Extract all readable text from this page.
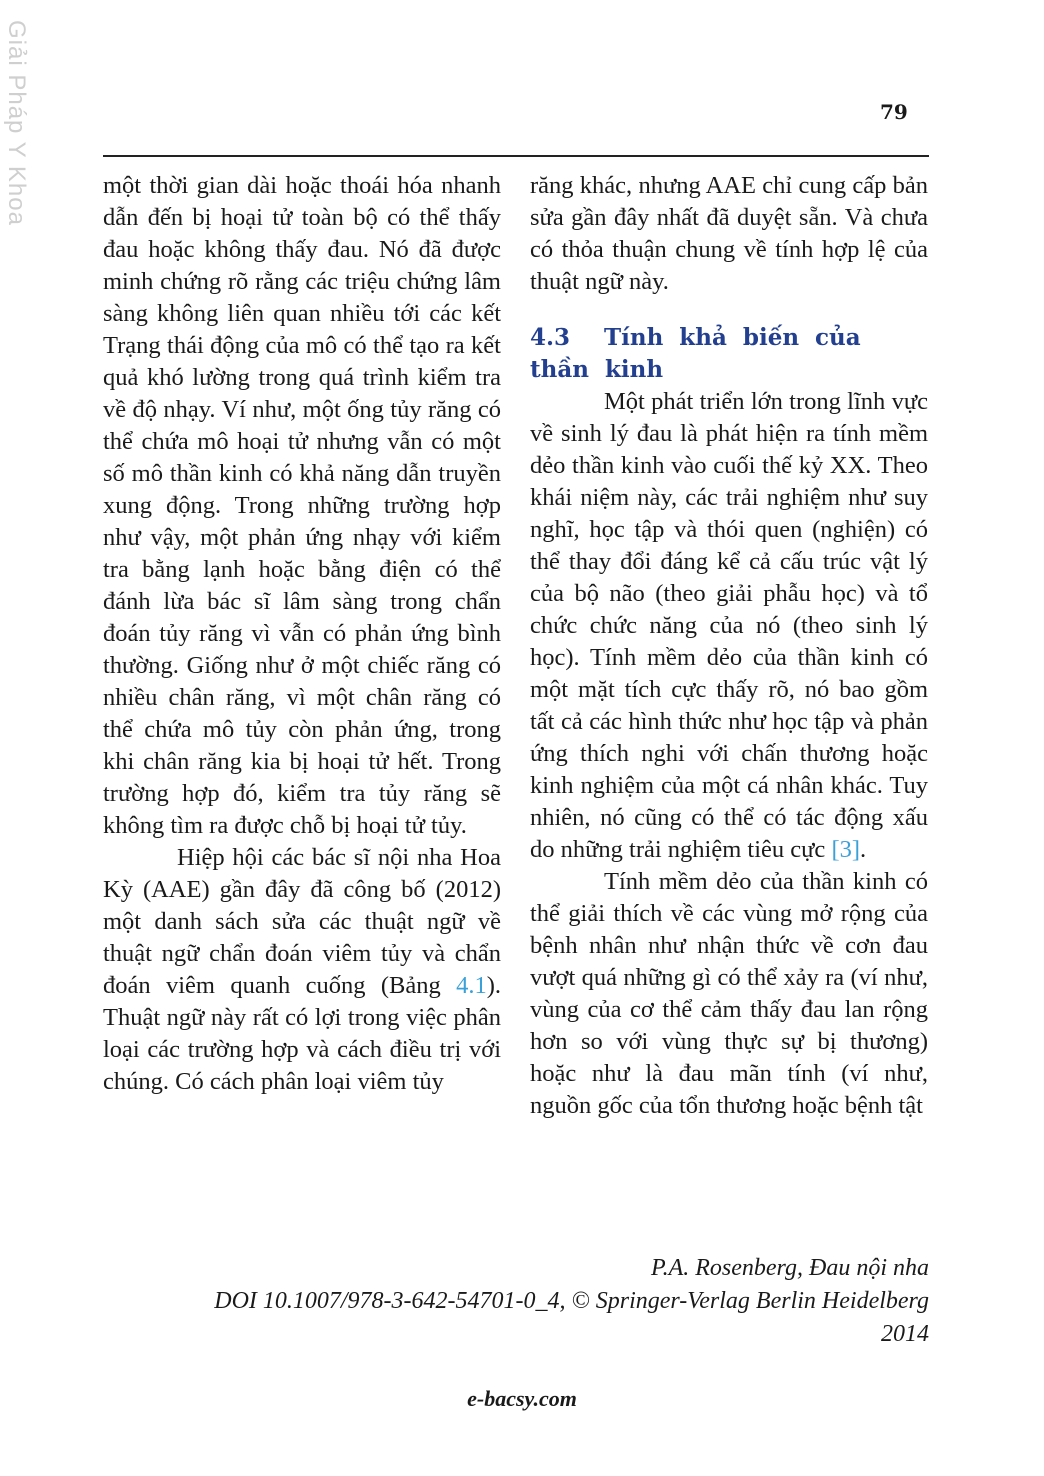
Giải Pháp Y Khoa	79

một thời gian dài hoặc thoái hóa nhanh dẫn đến bị hoại tử toàn bộ có thể thấy đau hoặc không thấy đau. Nó đã được minh chứng rõ rằng các triệu chứng lâm sàng không liên quan nhiều tới các kết Trạng thái động của mô có thể tạo ra kết quả khó lường trong quá trình kiểm tra về độ nhạy. Ví như, một ống tủy răng có thể chứa mô hoại tử nhưng vẫn có một số mô thần kinh có khả năng dẫn truyền xung động. Trong những trường hợp như vậy, một phản ứng nhạy với kiểm tra bằng lạnh hoặc bằng điện có thể đánh lừa bác sĩ lâm sàng trong chẩn đoán tủy răng vì vẫn có phản ứng bình thường. Giống như ở một chiếc răng có nhiều chân răng, vì một chân răng có thể chứa mô tủy còn phản ứng, trong khi chân răng kia bị hoại tử hết. Trong trường hợp đó, kiểm tra tủy răng sẽ không tìm ra được chỗ bị hoại tử tủy.

Hiệp hội các bác sĩ nội nha Hoa Kỳ (AAE) gần đây đã công bố (2012) một danh sách sửa các thuật ngữ về thuật ngữ chẩn đoán viêm tủy và chẩn đoán viêm quanh cuống (Bảng 4.1). Thuật ngữ này rất có lợi trong việc phân loại các trường hợp và cách điều trị với chúng. Có cách phân loại viêm tủy

răng khác, nhưng AAE chỉ cung cấp bản sửa gần đây nhất đã duyệt sẵn. Và chưa có thỏa thuận chung về tính hợp lệ của thuật ngữ này.

4.3 Tính khả biến của thần kinh

Một phát triển lớn trong lĩnh vực về sinh lý đau là phát hiện ra tính mềm dẻo thần kinh vào cuối thế kỷ XX. Theo khái niệm này, các trải nghiệm như suy nghĩ, học tập và thói quen (nghiện) có thể thay đổi đáng kể cả cấu trúc vật lý của bộ não (theo giải phẫu học) và tổ chức chức năng của nó (theo sinh lý học). Tính mềm dẻo của thần kinh có một mặt tích cực thấy rõ, nó bao gồm tất cả các hình thức như học tập và phản ứng thích nghi với chấn thương hoặc kinh nghiệm của một cá nhân khác. Tuy nhiên, nó cũng có thể có tác động xấu do những trải nghiệm tiêu cực [3].

Tính mềm dẻo của thần kinh có thể giải thích về các vùng mở rộng của bệnh nhân như nhận thức về cơn đau vượt quá những gì có thể xảy ra (ví như, vùng của cơ thể cảm thấy đau lan rộng hơn so với vùng thực sự bị thương) hoặc như là đau mãn tính (ví như, nguồn gốc của tổn thương hoặc bệnh tật

P.A. Rosenberg, Đau nội nha
DOI 10.1007/978-3-642-54701-0_4, © Springer-Verlag Berlin Heidelberg
2014
e-bacsy.com
